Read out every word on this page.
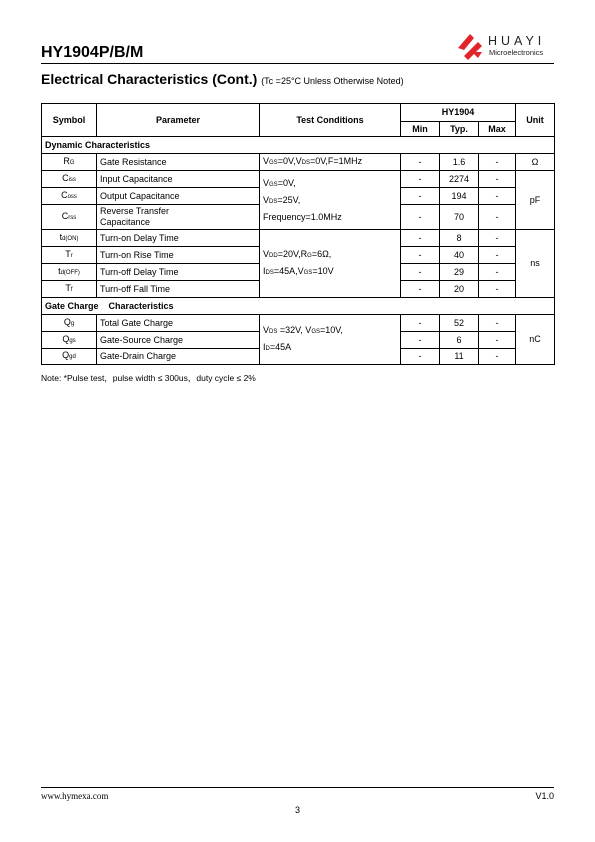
HY1904P/B/M
HUAYI
Microelectronics
Electrical Characteristics (Cont.) (Tc =25°C Unless Otherwise Noted)
Symbol	Parameter	Test Conditions	HY1904			Unit
			Min	Typ.	Max	
Dynamic Characteristics						
RG	Gate Resistance	VGS=0V,VDS=0V,F=1MHz	-	1.6	-	Ω
Ciss	Input Capacitance	VGS=0V,
VDS=25V,
Frequency=1.0MHz	-	2274	-	pF
Coss	Output Capacitance		-	194	-	
Crss	Reverse Transfer
Capacitance		-	70	-	
td(ON)	Turn-on Delay Time	VDD=20V,RG=6Ω,
IDS=45A,VGS=10V	-	8	-	ns
Tr	Turn-on Rise Time		-	40	-	
td(OFF)	Turn-off Delay Time		-	29	-	
Tf	Turn-off Fall Time		-	20	-	
Gate Charge    Characteristics						
Qg	Total Gate Charge	VDS =32V, VGS=10V,
ID=45A	-	52	-	nC
Qgs	Gate-Source Charge		-	6	-	
Qgd	Gate-Drain Charge		-	11	-	
Note: *Pulse test，pulse width ≤ 300us，duty cycle ≤ 2%
www.hymexa.com	V1.0
3
